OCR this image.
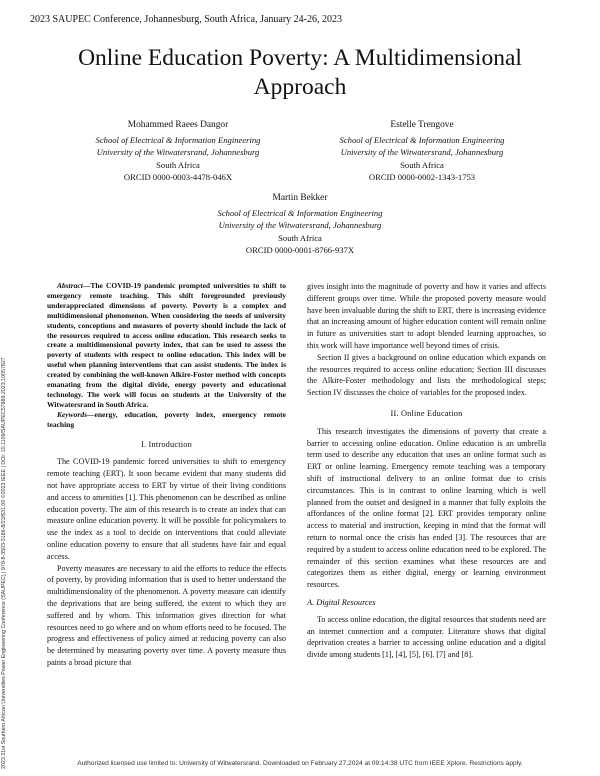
2023 SAUPEC Conference, Johannesburg, South Africa, January 24-26, 2023
Online Education Poverty: A Multidimensional Approach
Mohammed Raees Dangor
School of Electrical & Information Engineering
University of the Witwatersrand, Johannesburg
South Africa
ORCID 0000-0003-4478-046X
Estelle Trengove
School of Electrical & Information Engineering
University of the Witwatersrand, Johannesburg
South Africa
ORCID 0000-0002-1343-1753
Martin Bekker
School of Electrical & Information Engineering
University of the Witwatersrand, Johannesburg
South Africa
ORCID 0000-0001-8766-937X
2023 31st Southern African Universities Power Engineering Conference (SAUPEC) | 979-8-3503-3186-8/23/$31.00 ©2023 IEEE | DOI: 10.1109/SAUPEC57889.2023.10057827

Abstract—The COVID-19 pandemic prompted universities to shift to emergency remote teaching. This shift foregrounded previously underappreciated dimensions of poverty. Poverty is a complex and multidimensional phenomenon. When considering the needs of university students, conceptions and measures of poverty should include the lack of the resources required to access online education. This research seeks to create a multidimensional poverty index, that can be used to assess the poverty of students with respect to online education. This index will be useful when planning interventions that can assist students. The index is created by combining the well-known Alkire-Foster method with concepts emanating from the digital divide, energy poverty and educational technology. The work will focus on students at the University of the Witwatersrand in South Africa.

Keywords—energy, education, poverty index, emergency remote teaching

I. Introduction

The COVID-19 pandemic forced universities to shift to emergency remote teaching (ERT). It soon became evident that many students did not have appropriate access to ERT by virtue of their living conditions and access to amenities [1]. This phenomenon can be described as online education poverty. The aim of this research is to create an index that can measure online education poverty. It will be possible for policymakers to use the index as a tool to decide on interventions that could alleviate online education poverty to ensure that all students have fair and equal access.

Poverty measures are necessary to aid the efforts to reduce the effects of poverty, by providing information that is used to better understand the multidimensionality of the phenomenon. A poverty measure can identify the deprivations that are being suffered, the extent to which they are suffered and by whom. This information gives direction for what resources need to go where and on whom efforts need to be focused. The progress and effectiveness of policy aimed at reducing poverty can also be determined by measuring poverty over time. A poverty measure thus paints a broad picture that

gives insight into the magnitude of poverty and how it varies and affects different groups over time. While the proposed poverty measure would have been invaluable during the shift to ERT, there is increasing evidence that an increasing amount of higher education content will remain online in future as universities start to adopt blended learning approaches, so this work will have importance well beyond times of crisis.

Section II gives a background on online education which expands on the resources required to access online education; Section III discusses the Alkire-Foster methodology and lists the methodological steps; Section IV discusses the choice of variables for the proposed index.

II. Online Education

This research investigates the dimensions of poverty that create a barrier to accessing online education. Online education is an umbrella term used to describe any education that uses an online format such as ERT or online learning. Emergency remote teaching was a temporary shift of instructional delivery to an online format due to crisis circumstances. This is in contrast to online learning which is well planned from the outset and designed in a manner that fully exploits the affordances of the online format [2]. ERT provides temporary online access to material and instruction, keeping in mind that the format will return to normal once the crisis has ended [3]. The resources that are required by a student to access online education need to be explored. The remainder of this section examines what these resources are and categorizes them as either digital, energy or learning environment resources.

A. Digital Resources

To access online education, the digital resources that students need are an internet connection and a computer. Literature shows that digital deprivation creates a barrier to accessing online education and a digital divide among students [1], [4], [5], [6]. [7] and [8].

Authorized licensed use limited to: University of Witwatersrand. Downloaded on February 27,2024 at 09:14:38 UTC from IEEE Xplore. Restrictions apply.
